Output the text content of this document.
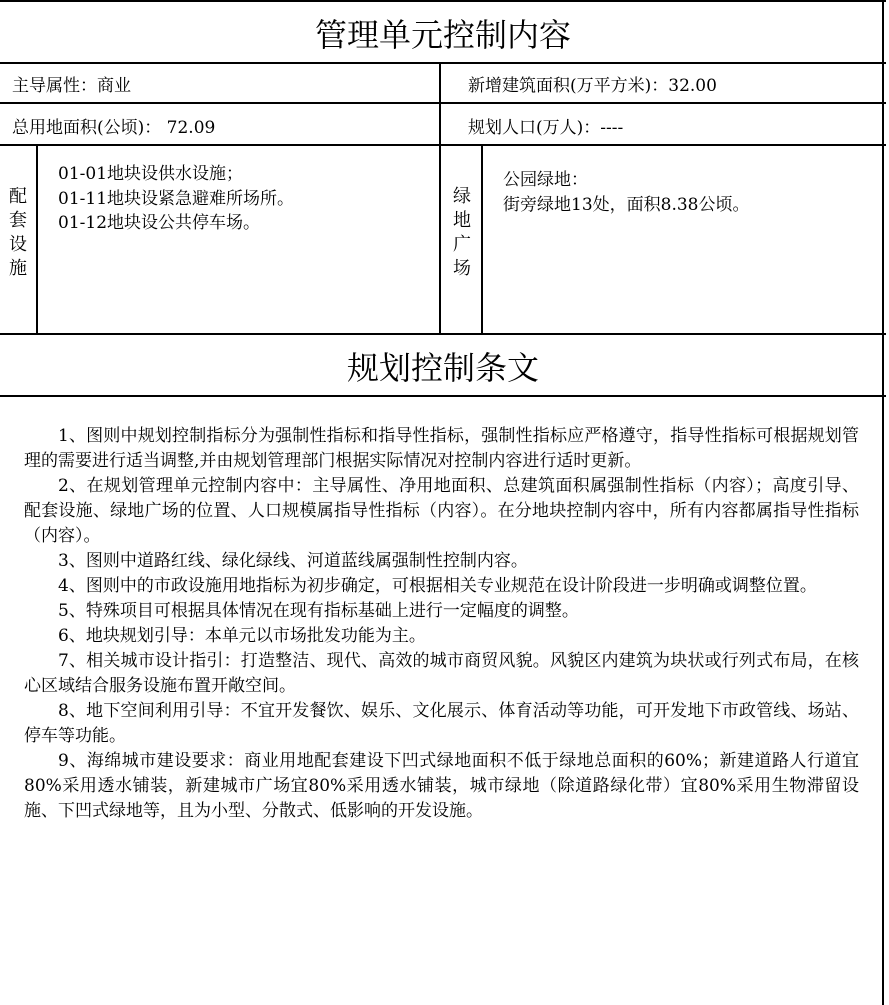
管理单元控制内容
主导属性：商业	新增建筑面积(万平方米)：32.00
总用地面积(公顷)： 72.09	规划人口(万人)：----
配
套
设
施
01-01地块设供水设施；
01-11地块设紧急避难所场所。
01-12地块设公共停车场。
绿
地
广
场
公园绿地：
街旁绿地13处，面积8.38公顷。
规划控制条文

1、图则中规划控制指标分为强制性指标和指导性指标，强制性指标应严格遵守，指导性指标可根据规划管理的需要进行适当调整,并由规划管理部门根据实际情况对控制内容进行适时更新。

2、在规划管理单元控制内容中：主导属性、净用地面积、总建筑面积属强制性指标（内容）；高度引导、配套设施、绿地广场的位置、人口规模属指导性指标（内容）。在分地块控制内容中，所有内容都属指导性指标（内容）。

3、图则中道路红线、绿化绿线、河道蓝线属强制性控制内容。

4、图则中的市政设施用地指标为初步确定，可根据相关专业规范在设计阶段进一步明确或调整位置。

5、特殊项目可根据具体情况在现有指标基础上进行一定幅度的调整。

6、地块规划引导：本单元以市场批发功能为主。

7、相关城市设计指引：打造整洁、现代、高效的城市商贸风貌。风貌区内建筑为块状或行列式布局，在核心区域结合服务设施布置开敞空间。

8、地下空间利用引导：不宜开发餐饮、娱乐、文化展示、体育活动等功能，可开发地下市政管线、场站、停车等功能。

9、海绵城市建设要求：商业用地配套建设下凹式绿地面积不低于绿地总面积的60%；新建道路人行道宜80%采用透水铺装，新建城市广场宜80%采用透水铺装，城市绿地（除道路绿化带）宜80%采用生物滞留设施、下凹式绿地等，且为小型、分散式、低影响的开发设施。
